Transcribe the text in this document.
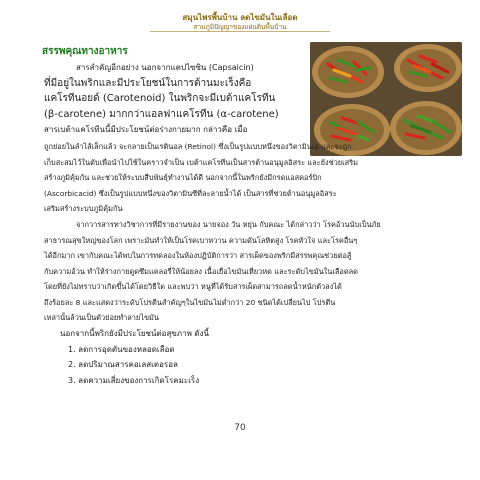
สมุนไพรพื้นบ้าน ลดไขมันในเลือด
สามภูมิปัญญาของแผ่นดินพื้นบ้าน
สรรพคุณทางอาหาร

สารสำคัญอีกอย่าง นอกจากแคปไซซิน (Capsaicin)

ที่มีอยู่ในพริกและมีประโยชน์ในการต้านมะเร็งคือ

แคโรทีนอยด์ (Carotenoid) ในพริกจะมีเบต้าแคโรทีน

(β-carotene) มากกว่าแอลฟาแคโรทีน (α-carotene)

สารเบต้าแคโรทีนนี้มีประโยชน์ต่อร่างกายมาก กล่าวคือ เมื่อ

ถูกย่อยในลำไส้เล็กแล้ว จะกลายเป็นเรตินอล (Retinol) ซึ่งเป็นรูปแบบหนึ่งของวิตามินเอ และจะถูก

เก็บสะสมไว้ในตับเพื่อนำไปใช้ในคราวจำเป็น เบต้าแคโรทีนเป็นสารต้านอนุมูลอิสระ และยังช่วยเสริม

สร้างภูมิคุ้มกัน และช่วยให้ระบบสืบพันธุ์ทำงานได้ดี นอกจากนี้ในพริกยังมีกรดแอสคอร์บิก

(Ascorbicacid) ซึ่งเป็นรูปแบบหนึ่งของวิตามินซีที่ละลายน้ำได้ เป็นสารที่ช่วยต้านอนุมูลอิสระ

เสริมสร้างระบบภูมิคุ้มกัน

จากวารสารทางวิชาการที่มีรายงานของ นายจอง วัน หยุ่น กับคณะ ได้กล่าวว่า โรคอ้วนนับเป็นภัย

สาธารณสุขใหญ่ของโลก เพราะมันทำให้เป็นโรคเบาหวาน ความดันโลหิตสูง โรคหัวใจ และโรคอื่นๆ

ได้อีกมาก เขากับคณะได้พบในการทดลองในห้องปฏิบัติการว่า สารเผ็ดของพริกมีสรรพคุณช่วยต่อสู้

กับความอ้วน ทำให้ร่างกายดูดซึมแคลอรี่ให้น้อยลง เนื้อเยื่อไขมันเหี่ยวหด และระดับไขมันในเลือดลด

โดยที่ยังไม่ทราบว่าเกิดขึ้นได้โดยวิธีใด และพบว่า หนูที่ได้รับสารเผ็ดสามารถลดน้ำหนักตัวลงได้

ถึงร้อยละ 8 และแสดงว่าระดับโปรตีนสำคัญๆในไขมันไม่ต่ำกว่า 20 ชนิดได้เปลี่ยนไป โปรตีน

เหล่านั้นล้วนเป็นตัวย่อยทำลายไขมัน

นอกจากนี้พริกยังมีประโยชน์ต่อสุขภาพ ดังนี้
1. ลดการอุดตันของหลอดเลือด
2. ลดปริมาณสารคอเลสเตอรอล
3. ลดความเสี่ยงของการเกิดโรคมะเร็ง
70
